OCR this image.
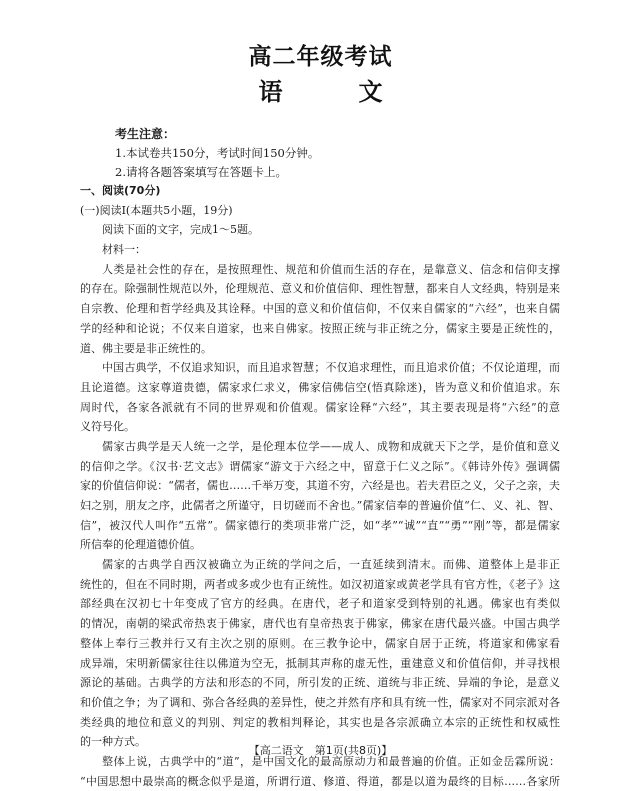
高二年级考试
语　文
考生注意：
1.本试卷共150分，考试时间150分钟。
2.请将各题答案填写在答题卡上。
一、阅读(70分)
(一)阅读Ⅰ(本题共5小题，19分)
阅读下面的文字，完成1～5题。
材料一：
人类是社会性的存在，是按照理性、规范和价值而生活的存在，是靠意义、信念和信仰支撑
的存在。除强制性规范以外，伦理规范、意义和价值信仰、理性智慧，都来自人文经典，特别是来
自宗教、伦理和哲学经典及其诠释。中国的意义和价值信仰，不仅来自儒家的“六经”，也来自儒
学的经种和论说；不仅来自道家，也来自佛家。按照正统与非正统之分，儒家主要是正统性的，
道、佛主要是非正统性的。
中国古典学，不仅追求知识，而且追求智慧；不仅追求理性，而且追求价值；不仅论道理，而
且论道德。这家尊道贵德，儒家求仁求义，佛家信佛信空(悟真除迷)，皆为意义和价值追求。东
周时代，各家各派就有不同的世界观和价值观。儒家诠释“六经”，其主要表现是将“六经”的意
义符号化。
儒家古典学是天人统一之学，是伦理本位学——成人、成物和成就天下之学，是价值和意义
的信仰之学。《汉书·艺文志》谓儒家“游文于六经之中，留意于仁义之际”。《韩诗外传》强调儒
家的价值信仰说：“儒者，儒也……千举万变，其道不穷，六经是也。若夫君臣之义，父子之亲，夫
妇之别，朋友之序，此儒者之所谨守，日切磋而不舍也。”儒家信奉的普遍价值“仁、义、礼、智、
信”，被汉代人叫作“五常”。儒家德行的类项非常广泛，如“孝”“诚”“直”“勇”“刚”等，都是儒家
所信奉的伦理道德价值。
儒家的古典学自西汉被确立为正统的学问之后，一直延续到清末。而佛、道整体上是非正
统性的，但在不同时期，两者或多或少也有正统性。如汉初道家或黄老学具有官方性，《老子》这
部经典在汉初七十年变成了官方的经典。在唐代，老子和道家受到特别的礼遇。佛家也有类似
的情况，南朝的梁武帝热衷于佛家，唐代也有皇帝热衷于佛家，佛家在唐代最兴盛。中国古典学
整体上奉行三教并行又有主次之别的原则。在三教争论中，儒家自居于正统，将道家和佛家看
成异端，宋明新儒家往往以佛道为空无，抵制其声称的虚无性，重建意义和价值信仰，并寻找根
源论的基础。古典学的方法和形态的不同，所引发的正统、道统与非正统、异端的争论，是意义
和价值之争；为了调和、弥合各经典的差异性，使之并然有序和具有统一性，儒家对不同宗派对各
类经典的地位和意义的判别、判定的教相判释论，其实也是各宗派确立本宗的正统性和权威性
的一种方式。
整体上说，古典学中的“道”，是中国文化的最高原动力和最普遍的价值。正如金岳霖所说：
“中国思想中最崇高的概念似乎是道，所谓行道、修道、得道，都是以道为最终的目标……各家所
【高二语文　第1页(共8页)】
